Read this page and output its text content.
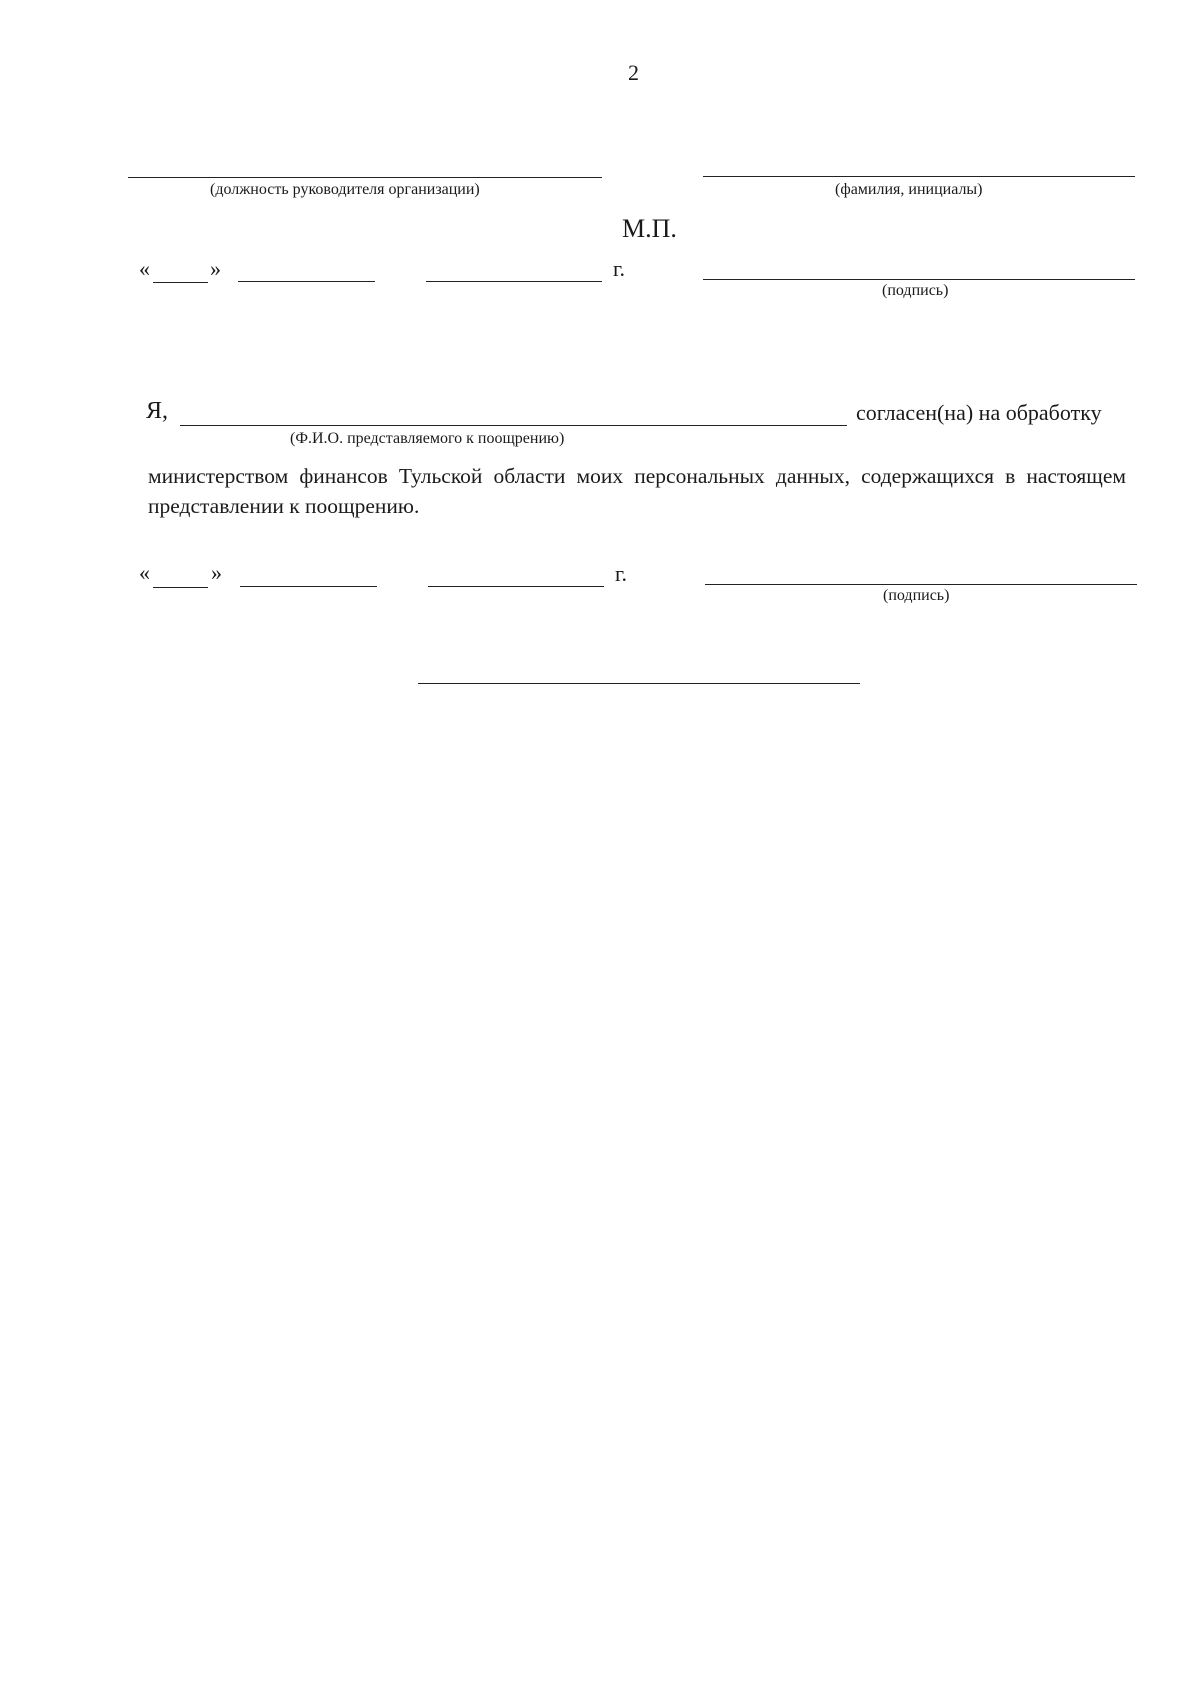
2
(должность руководителя организации)	(фамилия, инициалы)
М.П.
«	»	г.
(подпись)
Я,	согласен(на) на обработку
(Ф.И.О. представляемого к поощрению)
министерством финансов Тульской области моих персональных данных, содержащихся в настоящем представлении к поощрению.
«	»	г.
(подпись)
